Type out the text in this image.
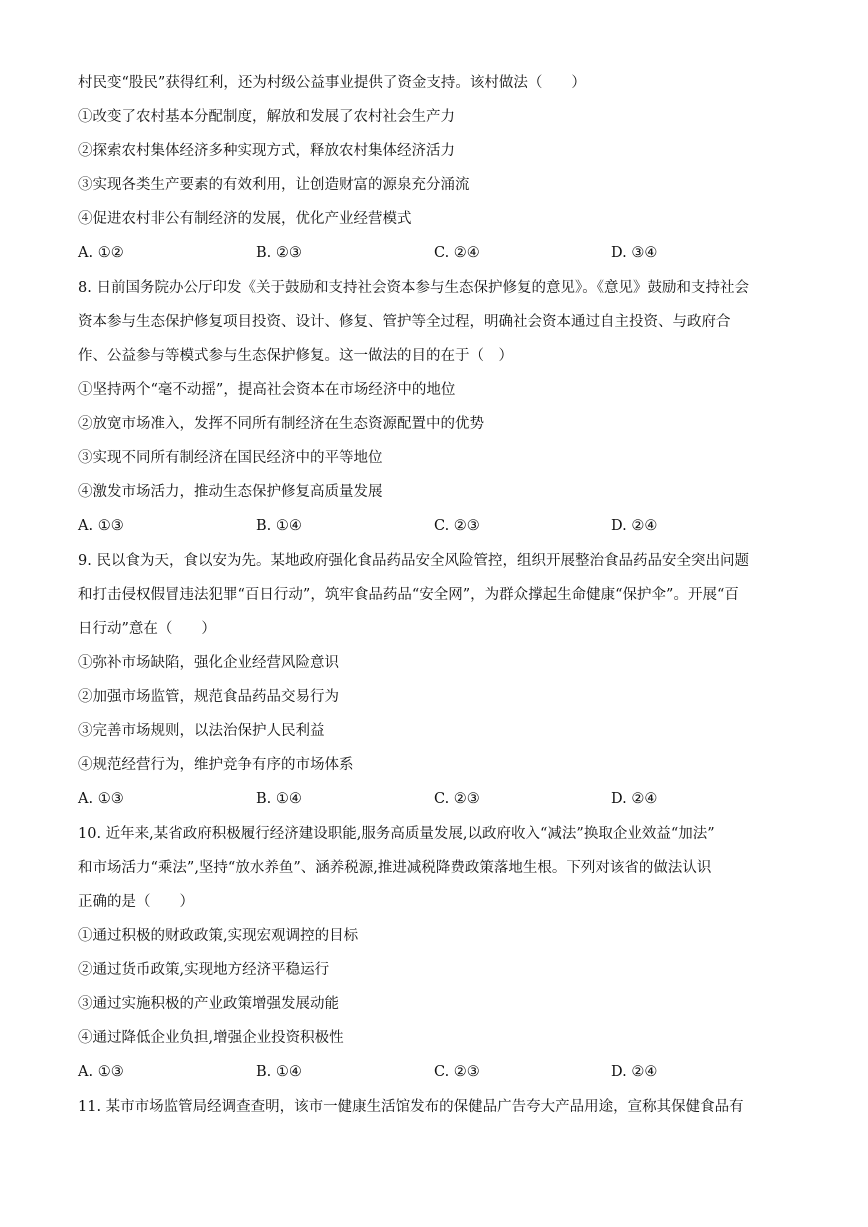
村民变“股民”获得红利，还为村级公益事业提供了资金支持。该村做法（　　）
①改变了农村基本分配制度，解放和发展了农村社会生产力
②探索农村集体经济多种实现方式，释放农村集体经济活力
③实现各类生产要素的有效利用，让创造财富的源泉充分涌流
④促进农村非公有制经济的发展，优化产业经营模式
A. ①②	B. ②③	C. ②④	D. ③④
8. 日前国务院办公厅印发《关于鼓励和支持社会资本参与生态保护修复的意见》。《意见》鼓励和支持社会
资本参与生态保护修复项目投资、设计、修复、管护等全过程，明确社会资本通过自主投资、与政府合
作、公益参与等模式参与生态保护修复。这一做法的目的在于（　）
①坚持两个“毫不动摇”，提高社会资本在市场经济中的地位
②放宽市场准入，发挥不同所有制经济在生态资源配置中的优势
③实现不同所有制经济在国民经济中的平等地位
④激发市场活力，推动生态保护修复高质量发展
A. ①③	B. ①④	C. ②③	D. ②④
9. 民以食为天，食以安为先。某地政府强化食品药品安全风险管控，组织开展整治食品药品安全突出问题
和打击侵权假冒违法犯罪“百日行动”，筑牢食品药品“安全网”，为群众撑起生命健康“保护伞”。开展“百
日行动”意在（　　）
①弥补市场缺陷，强化企业经营风险意识
②加强市场监管，规范食品药品交易行为
③完善市场规则，以法治保护人民利益
④规范经营行为，维护竞争有序的市场体系
A. ①③	B. ①④	C. ②③	D. ②④
10. 近年来,某省政府积极履行经济建设职能,服务高质量发展,以政府收入“减法”换取企业效益“加法”
和市场活力“乘法”,坚持“放水养鱼”、涵养税源,推进减税降费政策落地生根。下列对该省的做法认识
正确的是（　　）
①通过积极的财政政策,实现宏观调控的目标
②通过货币政策,实现地方经济平稳运行
③通过实施积极的产业政策增强发展动能
④通过降低企业负担,增强企业投资积极性
A. ①③	B. ①④	C. ②③	D. ②④
11. 某市市场监管局经调查查明，该市一健康生活馆发布的保健品广告夸大产品用途，宣称其保健食品有
